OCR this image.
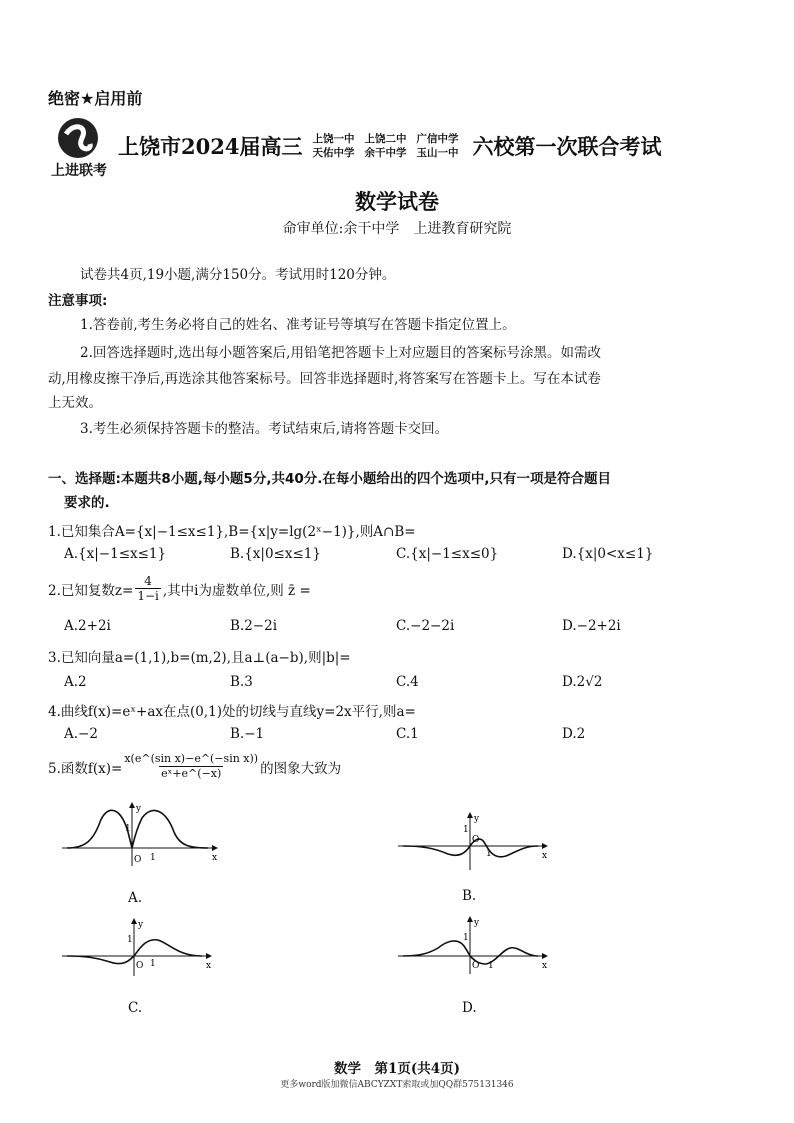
绝密★启用前
上进联考
上饶市2024届高三 上饶一中
天佑中学
上饶二中
余干中学
广信中学
玉山一中 六校第一次联合考试
数学试卷
命审单位:余干中学　上进教育研究院
试卷共4页,19小题,满分150分。考试用时120分钟。
注意事项:
1.答卷前,考生务必将自己的姓名、准考证号等填写在答题卡指定位置上。
2.回答选择题时,选出每小题答案后,用铅笔把答题卡上对应题目的答案标号涂黑。如需改
动,用橡皮擦干净后,再选涂其他答案标号。回答非选择题时,将答案写在答题卡上。写在本试卷
上无效。
3.考生必须保持答题卡的整洁。考试结束后,请将答题卡交回。
一、选择题:本题共8小题,每小题5分,共40分.在每小题给出的四个选项中,只有一项是符合题目
要求的.
1.已知集合A={x|−1≤x≤1},B={x|y=lg(2ˣ−1)},则A∩B=
A.{x|−1≤x≤1}	B.{x|0≤x≤1}	C.{x|−1≤x≤0}	D.{x|0<x≤1}
2.已知复数$z= \frac{4}{1-i}$ ,其中i为虚数单位,则 z̄ =
A.2+2i	B.2−2i	C.−2−2i	D.−2+2i
3.已知向量a=(1,1),b=(m,2),且a⊥(a−b),则|b|=
A.2	B.3	C.4	D.2√2
4.曲线f(x)=eˣ+ax在点(0,1)处的切线与直线y=2x平行,则a=
A.−2	B.−1	C.1	D.2
5.函数$f(x)= \frac{\text{x(e\textasciicircum{}(sin x)−e\textasciicircum{}(−sin x))}}{\text{eˣ+e\textasciicircum{}(−x)}}$ 的图象大致为
O 1
1
y
x
A.
O
1
1
y
x
B.
O 1
1
y
x
C.
O 1
1
y
x
D.
数学　第1页(共4页)
更多word版加微信ABCYZXT索取或加QQ群575131346
